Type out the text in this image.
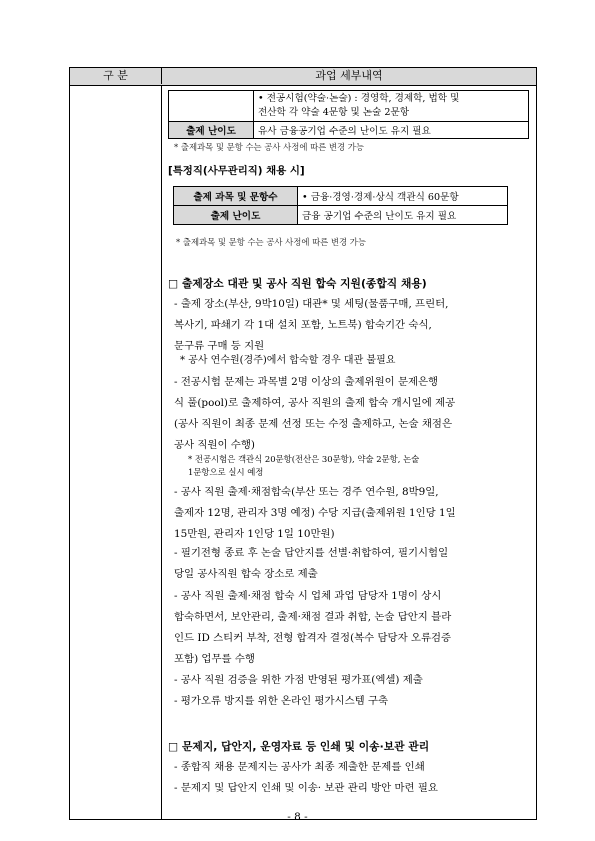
구 분	과업 세부내역
	• 전공시험(약술·논술) : 경영학, 경제학, 법학 및
전산학 각 약술 4문항 및 논술 2문항
출제 난이도	유사 금융공기업 수준의 난이도 유지 필요
* 출제과목 및 문항 수는 공사 사정에 따른 변경 가능
[특정직(사무관리직) 채용 시]
출제 과목 및 문항수	• 금융·경영·경제·상식 객관식 60문항
출제 난이도	금융 공기업 수준의 난이도 유지 필요
* 출제과목 및 문항 수는 공사 사정에 따른 변경 가능
□ 출제장소 대관 및 공사 직원 합숙 지원(종합직 채용)
- 출제 장소(부산, 9박10일) 대관* 및 세팅(물품구매, 프린터,
복사기, 파쇄기 각 1대 설치 포함, 노트북) 합숙기간 숙식,
문구류 구매 등 지원
* 공사 연수원(경주)에서 합숙할 경우 대관 불필요
- 전공시험 문제는 과목별 2명 이상의 출제위원이 문제은행
식 풀(pool)로 출제하여, 공사 직원의 출제 합숙 개시일에 제공
(공사 직원이 최종 문제 선정 또는 수정 출제하고, 논술 채점은
공사 직원이 수행)
* 전공시험은 객관식 20문항(전산은 30문항), 약술 2문항, 논술
1문항으로 실시 예정
- 공사 직원 출제·채점합숙(부산 또는 경주 연수원, 8박9일,
출제자 12명, 관리자 3명 예정) 수당 지급(출제위원 1인당 1일
15만원, 관리자 1인당 1일 10만원)
- 필기전형 종료 후 논술 답안지를 선별·취합하여, 필기시험일
당일 공사직원 합숙 장소로 제출
- 공사 직원 출제·채점 합숙 시 업체 과업 담당자 1명이 상시
합숙하면서, 보안관리, 출제·채점 결과 취합, 논술 답안지 블라
인드 ID 스티커 부착, 전형 합격자 결정(복수 담당자 오류검증
포함) 업무를 수행
- 공사 직원 검증을 위한 가점 반영된 평가표(엑셀) 제출
- 평가오류 방지를 위한 온라인 평가시스템 구축
□ 문제지, 답안지, 운영자료 등 인쇄 및 이송·보관 관리
- 종합직 채용 문제지는 공사가 최종 제출한 문제를 인쇄
- 문제지 및 답안지 인쇄 및 이송· 보관 관리 방안 마련 필요
- 8 -
